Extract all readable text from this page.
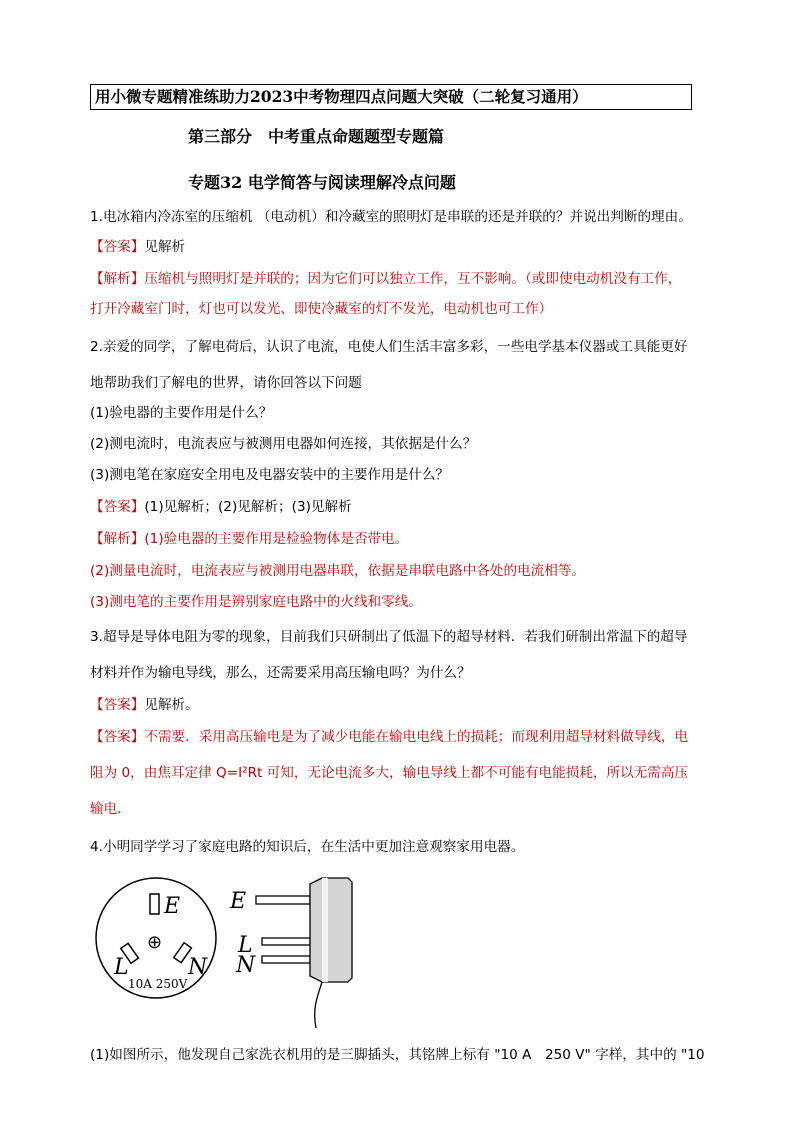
用小微专题精准练助力2023中考物理四点问题大突破（二轮复习通用）
第三部分　中考重点命题题型专题篇
专题32 电学简答与阅读理解冷点问题
1.电冰箱内冷冻室的压缩机 （电动机）和冷藏室的照明灯是串联的还是并联的？并说出判断的理由。
【答案】见解析
【解析】压缩机与照明灯是并联的；因为它们可以独立工作，互不影响。（或即使电动机没有工作，
打开冷藏室门时，灯也可以发光、即使冷藏室的灯不发光，电动机也可工作）
2.亲爱的同学，了解电荷后，认识了电流，电使人们生活丰富多彩，一些电学基本仪器或工具能更好
地帮助我们了解电的世界，请你回答以下问题
(1)验电器的主要作用是什么？
(2)测电流时，电流表应与被测用电器如何连接，其依据是什么？
(3)测电笔在家庭安全用电及电器安装中的主要作用是什么？
【答案】(1)见解析；(2)见解析；(3)见解析
【解析】(1)验电器的主要作用是检验物体是否带电。
(2)测量电流时，电流表应与被测用电器串联，依据是串联电路中各处的电流相等。
(3)测电笔的主要作用是辨别家庭电路中的火线和零线。
3.超导是导体电阻为零的现象，目前我们只研制出了低温下的超导材料．若我们研制出常温下的超导
材料并作为输电导线，那么，还需要采用高压输电吗？为什么？
【答案】见解析。
【答案】不需要．采用高压输电是为了减少电能在输电电线上的损耗；而现利用超导材料做导线，电
阻为 0，由焦耳定律 Q=I²Rt 可知，无论电流多大，输电导线上都不可能有电能损耗，所以无需高压
输电．
4.小明同学学习了家庭电路的知识后，在生活中更加注意观察家用电器。
E
⊕
L	N
10A 250V
E
L
N
(1)如图所示，他发现自己家洗衣机用的是三脚插头，其铭牌上标有 "10 A　250 V" 字样，其中的 "10
